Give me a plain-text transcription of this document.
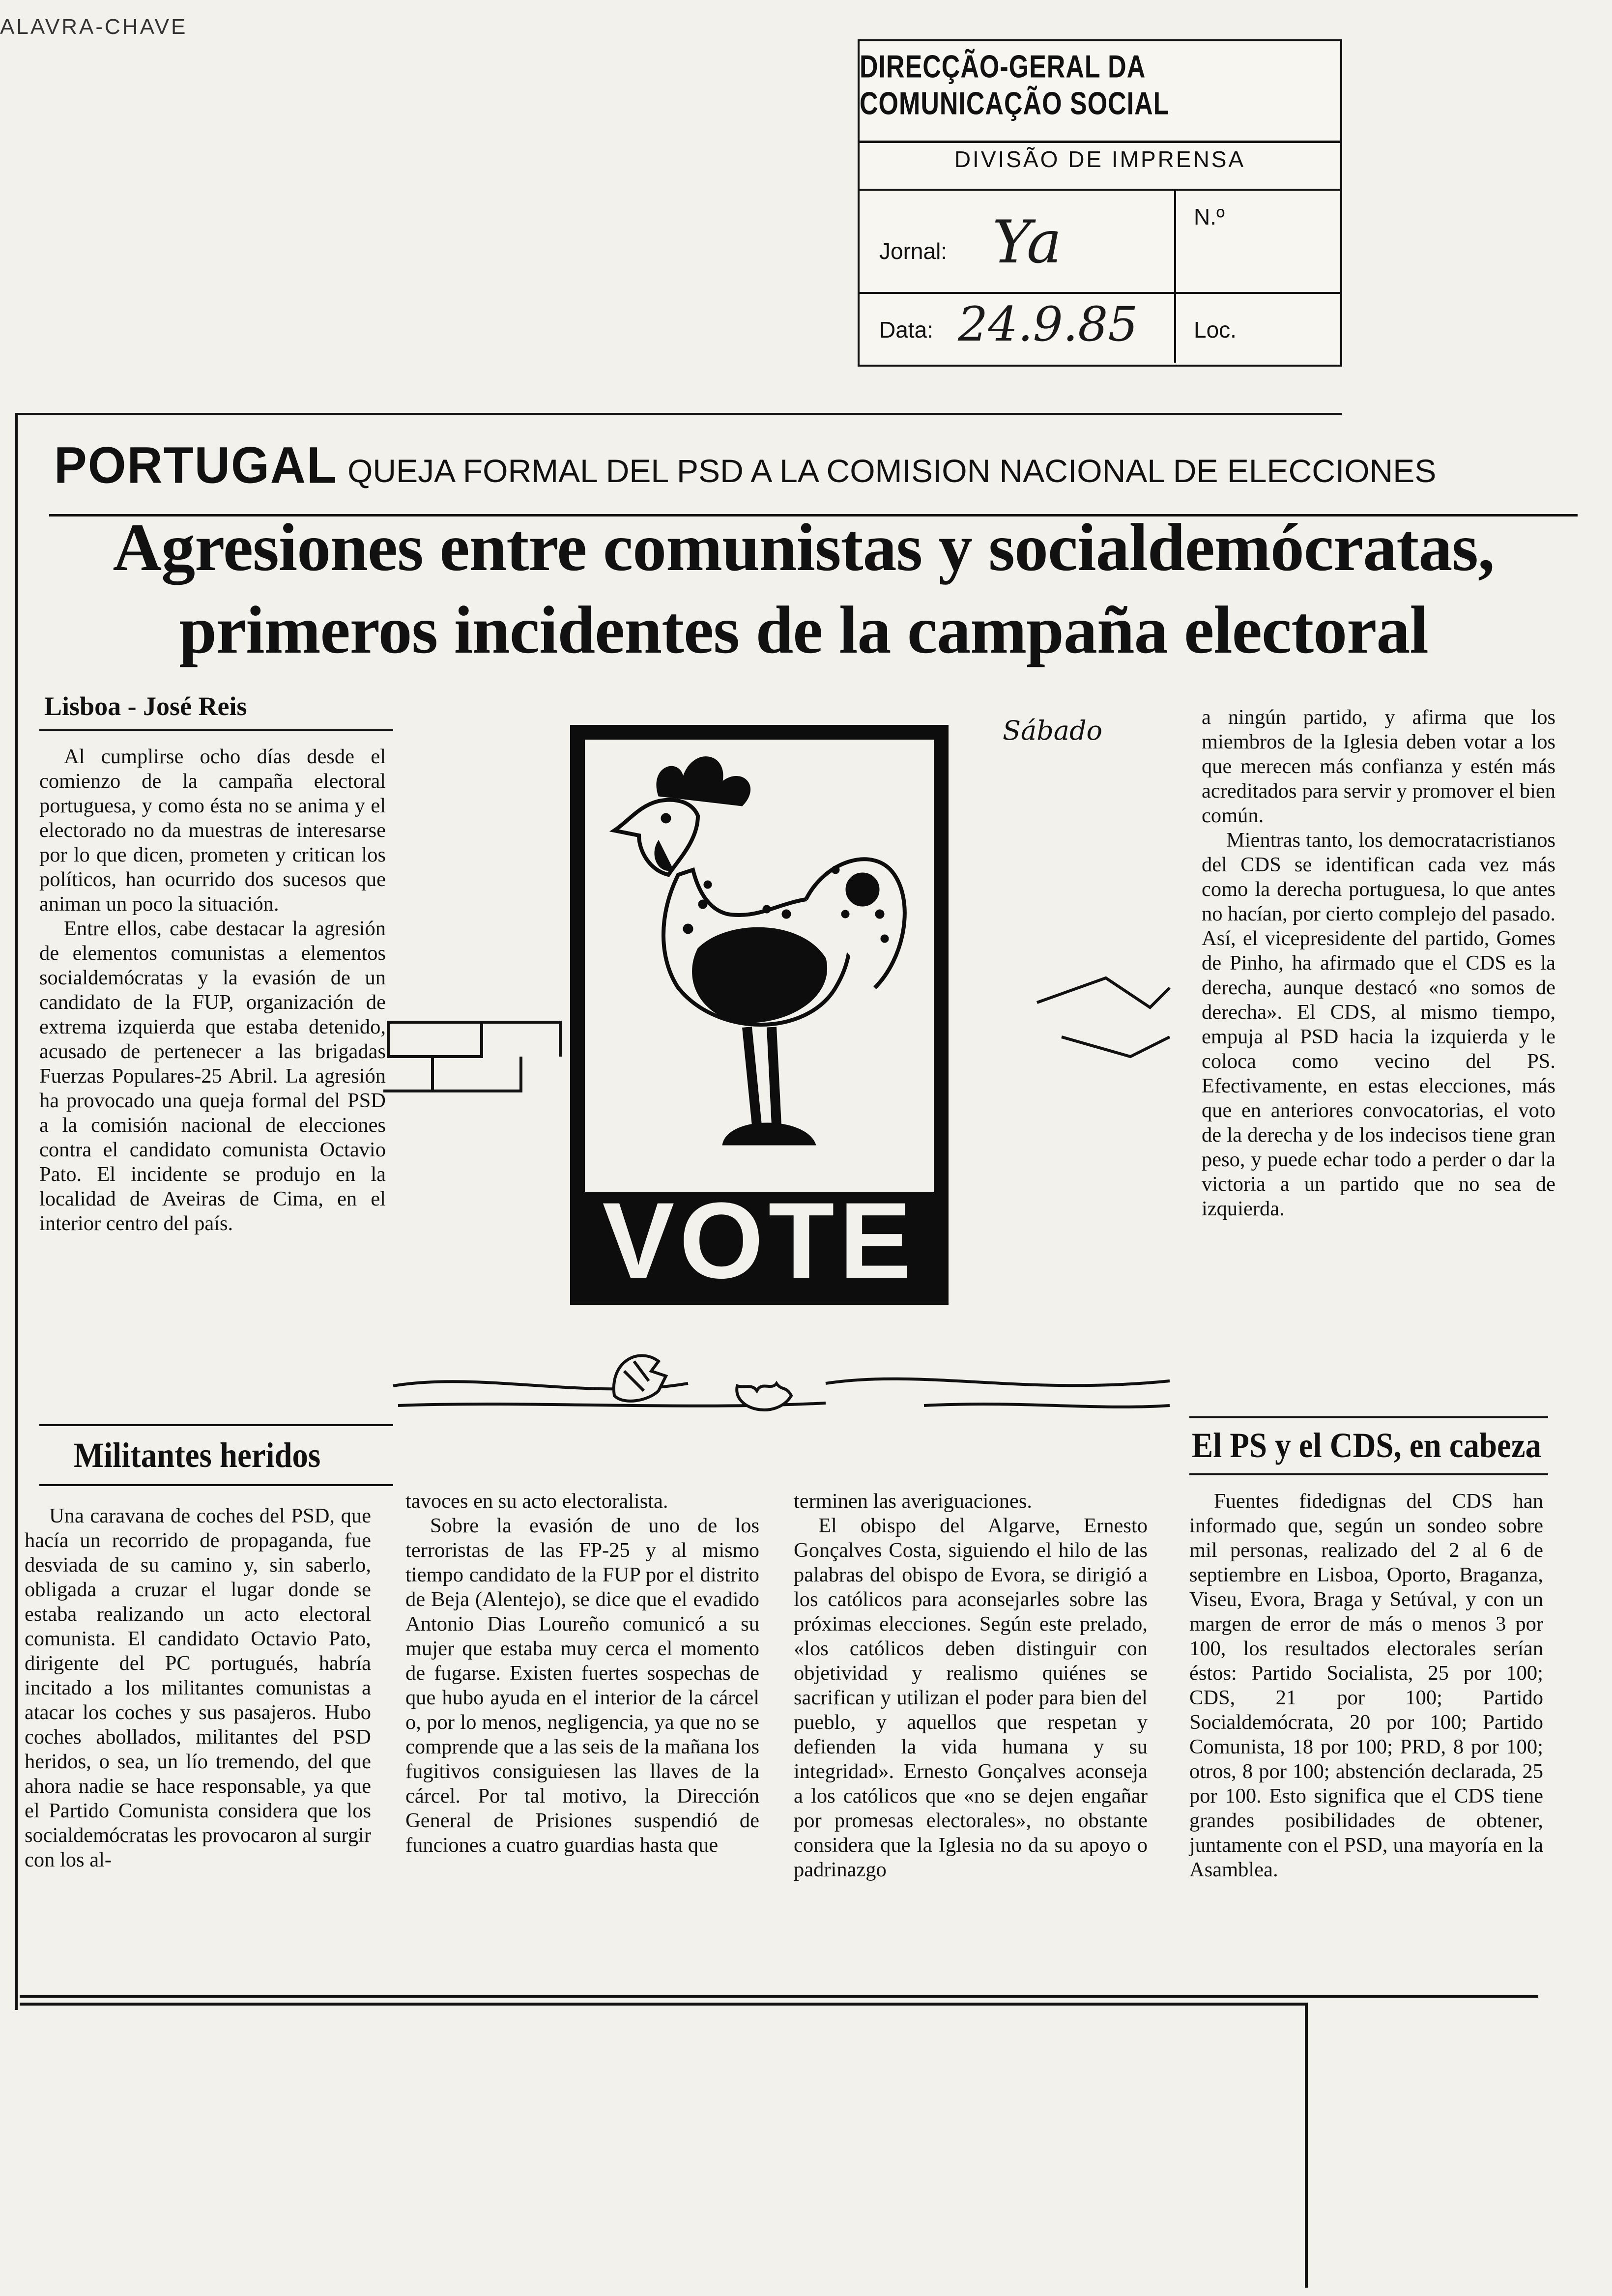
ALAVRA-CHAVE
DIRECÇÃO-GERAL DA COMUNICAÇÃO SOCIAL
DIVISÃO DE IMPRENSA
Jornal: Ya	N.º
Data: 24.9.85 Loc.
PORTUGAL QUEJA FORMAL DEL PSD A LA COMISION NACIONAL DE ELECCIONES
Agresiones entre comunistas y socialdemócratas,
primeros incidentes de la campaña electoral
Lisboa - José Reis

Al cumplirse ocho días desde el comienzo de la campaña electoral portuguesa, y como ésta no se anima y el electorado no da muestras de interesarse por lo que dicen, prometen y critican los políticos, han ocurrido dos sucesos que animan un poco la situación.

Entre ellos, cabe destacar la agresión de elementos comunistas a elementos socialdemócratas y la evasión de un candidato de la FUP, organización de extrema izquierda que estaba detenido, acusado de pertenecer a las brigadas Fuerzas Populares-25 Abril. La agresión ha provocado una queja formal del PSD a la comisión nacional de elecciones contra el candidato comunista Octavio Pato. El incidente se produjo en la localidad de Aveiras de Cima, en el interior centro del país.

Militantes heridos
VOTE
Sábado

Una caravana de coches del PSD, que hacía un recorrido de propaganda, fue desviada de su camino y, sin saberlo, obligada a cruzar el lugar donde se estaba realizando un acto electoral comunista. El candidato Octavio Pato, dirigente del PC portugués, habría incitado a los militantes comunistas a atacar los coches y sus pasajeros. Hubo coches abollados, militantes del PSD heridos, o sea, un lío tremendo, del que ahora nadie se hace responsable, ya que el Partido Comunista considera que los socialdemócratas les provocaron al surgir con los al-

tavoces en su acto electoralista.

Sobre la evasión de uno de los terroristas de las FP-25 y al mismo tiempo candidato de la FUP por el distrito de Beja (Alentejo), se dice que el evadido Antonio Dias Loureño comunicó a su mujer que estaba muy cerca el momento de fugarse. Existen fuertes sospechas de que hubo ayuda en el interior de la cárcel o, por lo menos, negligencia, ya que no se comprende que a las seis de la mañana los fugitivos consiguiesen las llaves de la cárcel. Por tal motivo, la Dirección General de Prisiones suspendió de funciones a cuatro guardias hasta que

terminen las averiguaciones.

El obispo del Algarve, Ernesto Gonçalves Costa, siguiendo el hilo de las palabras del obispo de Evora, se dirigió a los católicos para aconsejarles sobre las próximas elecciones. Según este prelado, «los católicos deben distinguir con objetividad y realismo quiénes se sacrifican y utilizan el poder para bien del pueblo, y aquellos que respetan y defienden la vida humana y su integridad». Ernesto Gonçalves aconseja a los católicos que «no se dejen engañar por promesas electorales», no obstante considera que la Iglesia no da su apoyo o padrinazgo

a ningún partido, y afirma que los miembros de la Iglesia deben votar a los que merecen más confianza y estén más acreditados para servir y promover el bien común.

Mientras tanto, los democratacristianos del CDS se identifican cada vez más como la derecha portuguesa, lo que antes no hacían, por cierto complejo del pasado. Así, el vicepresidente del partido, Gomes de Pinho, ha afirmado que el CDS es la derecha, aunque destacó «no somos de derecha». El CDS, al mismo tiempo, empuja al PSD hacia la izquierda y le coloca como vecino del PS. Efectivamente, en estas elecciones, más que en anteriores convocatorias, el voto de la derecha y de los indecisos tiene gran peso, y puede echar todo a perder o dar la victoria a un partido que no sea de izquierda.

El PS y el CDS, en cabeza

Fuentes fidedignas del CDS han informado que, según un sondeo sobre mil personas, realizado del 2 al 6 de septiembre en Lisboa, Oporto, Braganza, Viseu, Evora, Braga y Setúval, y con un margen de error de más o menos 3 por 100, los resultados electorales serían éstos: Partido Socialista, 25 por 100; CDS, 21 por 100; Partido Socialdemócrata, 20 por 100; Partido Comunista, 18 por 100; PRD, 8 por 100; otros, 8 por 100; abstención declarada, 25 por 100. Esto significa que el CDS tiene grandes posibilidades de obtener, juntamente con el PSD, una mayoría en la Asamblea.
